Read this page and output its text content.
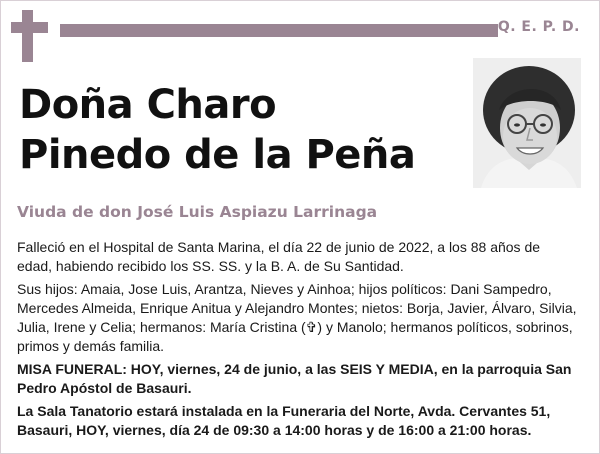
Q. E. P. D.
Doña Charo
Pinedo de la Peña
Viuda de don José Luis Aspiazu Larrinaga

Falleció en el Hospital de Santa Marina, el día 22 de junio de 2022, a los 88 años de edad, habiendo recibido los SS. SS. y la B. A. de Su Santidad.

Sus hijos: Amaia, Jose Luis, Arantza, Nieves y Ainhoa; hijos políticos: Dani Sampedro, Mercedes Almeida, Enrique Anitua y Alejandro Montes; nietos: Borja, Javier, Álvaro, Silvia, Julia, Irene y Celia; hermanos: María Cristina (✞) y Manolo; hermanos políticos, sobrinos, primos y demás familia.

MISA FUNERAL: HOY, viernes, 24 de junio, a las SEIS Y MEDIA, en la parroquia San Pedro Apóstol de Basauri.

La Sala Tanatorio estará instalada en la Funeraria del Norte, Avda. Cervantes 51, Basauri, HOY, viernes, día 24 de 09:30 a 14:00 horas y de 16:00 a 21:00 horas.
